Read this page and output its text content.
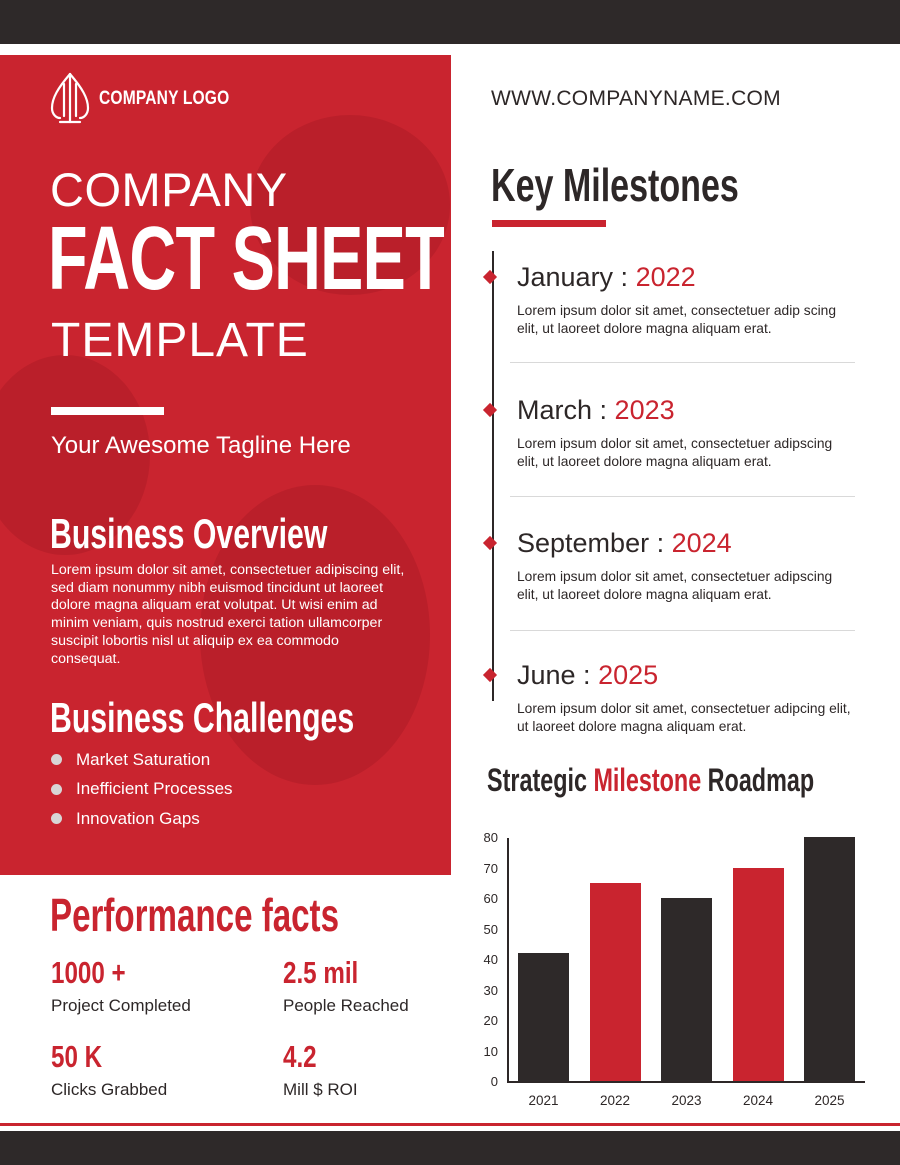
COMPANY LOGO
COMPANY
FACT SHEET
TEMPLATE
Your Awesome Tagline Here
Business Overview
Lorem ipsum dolor sit amet, consectetuer adipiscing elit, sed diam nonummy nibh euismod tincidunt ut laoreet dolore magna aliquam erat volutpat. Ut wisi enim ad minim veniam, quis nostrud exerci tation ullamcorper suscipit lobortis nisl ut aliquip ex ea commodo consequat.
Business Challenges
Market Saturation
Inefficient Processes
Innovation Gaps
Performance facts
1000 +
Project Completed
2.5 mil
People Reached
50 K
Clicks Grabbed
4.2
Mill $ ROI
WWW.COMPANYNAME.COM
Key Milestones
January : 2022
Lorem ipsum dolor sit amet, consectetuer adip scing elit, ut laoreet dolore magna aliquam erat.
March : 2023
Lorem ipsum dolor sit amet, consectetuer adipscing elit, ut laoreet dolore magna aliquam erat.
September : 2024
Lorem ipsum dolor sit amet, consectetuer adipscing elit, ut laoreet dolore magna aliquam erat.
June : 2025
Lorem ipsum dolor sit amet, consectetuer adipcing elit, ut laoreet dolore magna aliquam erat.
Strategic Milestone Roadmap
0
10
20
30
40
50
60
70
80
2021	2022	2023	2024	2025
